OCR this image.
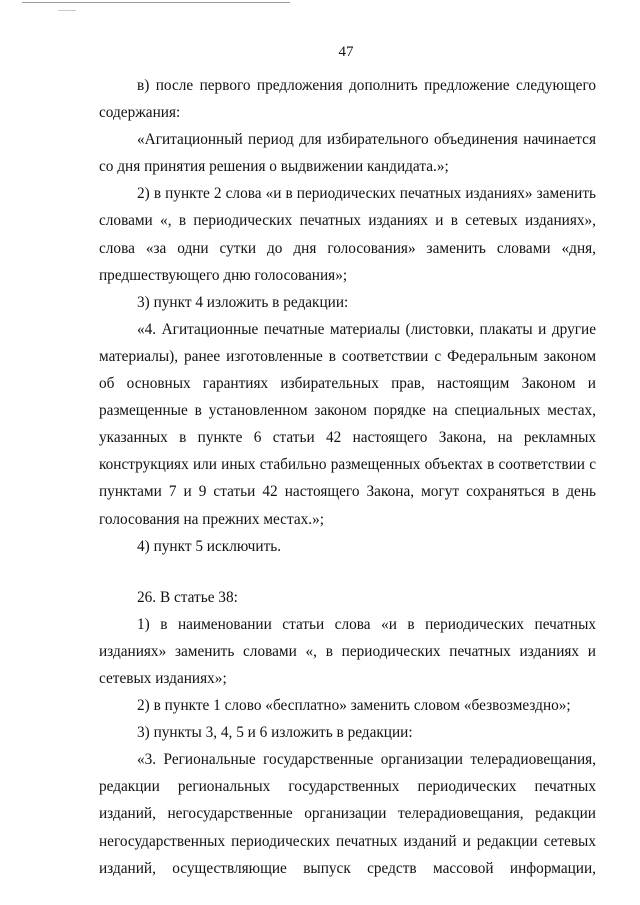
47

в) после первого предложения дополнить предложение следующего содержания:

«Агитационный период для избирательного объединения начинается со дня принятия решения о выдвижении кандидата.»;

2) в пункте 2 слова «и в периодических печатных изданиях» заменить словами «, в периодических печатных изданиях и в сетевых изданиях», слова «за одни сутки до дня голосования» заменить словами «дня, предшествующего дню голосования»;

3) пункт 4 изложить в редакции:

«4. Агитационные печатные материалы (листовки, плакаты и другие материалы), ранее изготовленные в соответствии с Федеральным законом об основных гарантиях избирательных прав, настоящим Законом и размещенные в установленном законом порядке на специальных местах, указанных в пункте 6 статьи 42 настоящего Закона, на рекламных конструкциях или иных стабильно размещенных объектах в соответствии с пунктами 7 и 9 статьи 42 настоящего Закона, могут сохраняться в день голосования на прежних местах.»;

4) пункт 5 исключить.

26. В статье 38:

1) в наименовании статьи слова «и в периодических печатных изданиях» заменить словами «, в периодических печатных изданиях и сетевых изданиях»;

2) в пункте 1 слово «бесплатно» заменить словом «безвозмездно»;

3) пункты 3, 4, 5 и 6 изложить в редакции:

«3. Региональные государственные организации телерадиовещания, редакции региональных государственных периодических печатных изданий, негосударственные организации телерадиовещания, редакции негосударственных периодических печатных изданий и редакции сетевых изданий, осуществляющие выпуск средств массовой информации,
